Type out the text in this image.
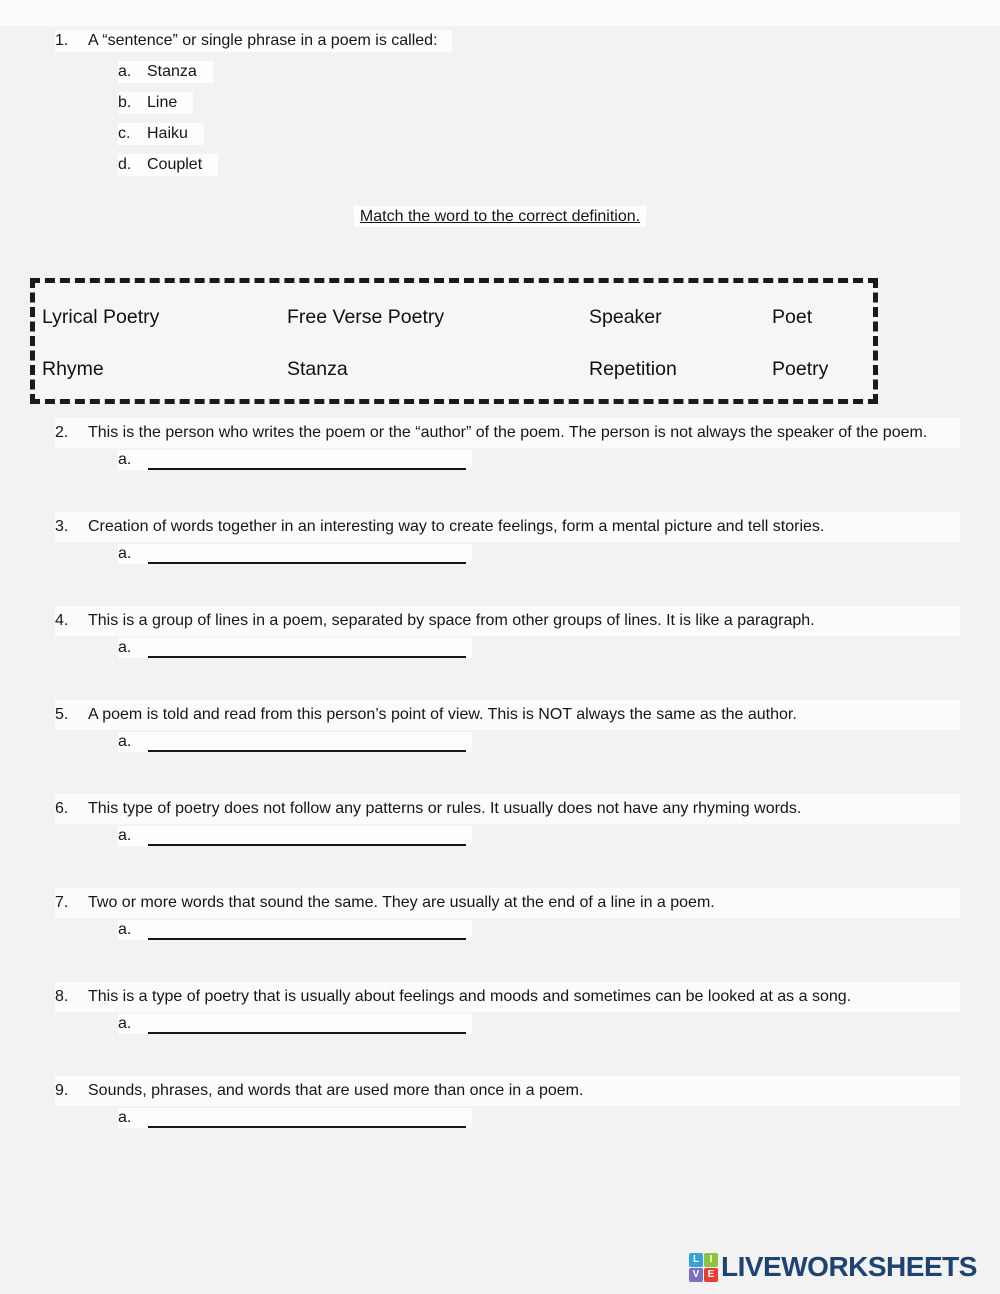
1.	A “sentence” or single phrase in a poem is called:
a. Stanza
b. Line
c.	Haiku
d. Couplet
Match the word to the correct definition.
Lyrical Poetry	Free Verse Poetry	Speaker	Poet
Rhyme	Stanza	Repetition	Poetry
2.	This is the person who writes the poem or the “author” of the poem. The person is not always the speaker of the poem.
a.
3.	Creation of words together in an interesting way to create feelings, form a mental picture and tell stories.
a.
4.	This is a group of lines in a poem, separated by space from other groups of lines. It is like a paragraph.
a.
5.	A poem is told and read from this person’s point of view. This is NOT always the same as the author.
a.
6.	This type of poetry does not follow any patterns or rules. It usually does not have any rhyming words.
a.
7.	Two or more words that sound the same. They are usually at the end of a line in a poem.
a.
8.	This is a type of poetry that is usually about feelings and moods and sometimes can be looked at as a song.
a.
9.	Sounds, phrases, and words that are used more than once in a poem.
a.
L	I
V E LIVEWORKSHEETS
